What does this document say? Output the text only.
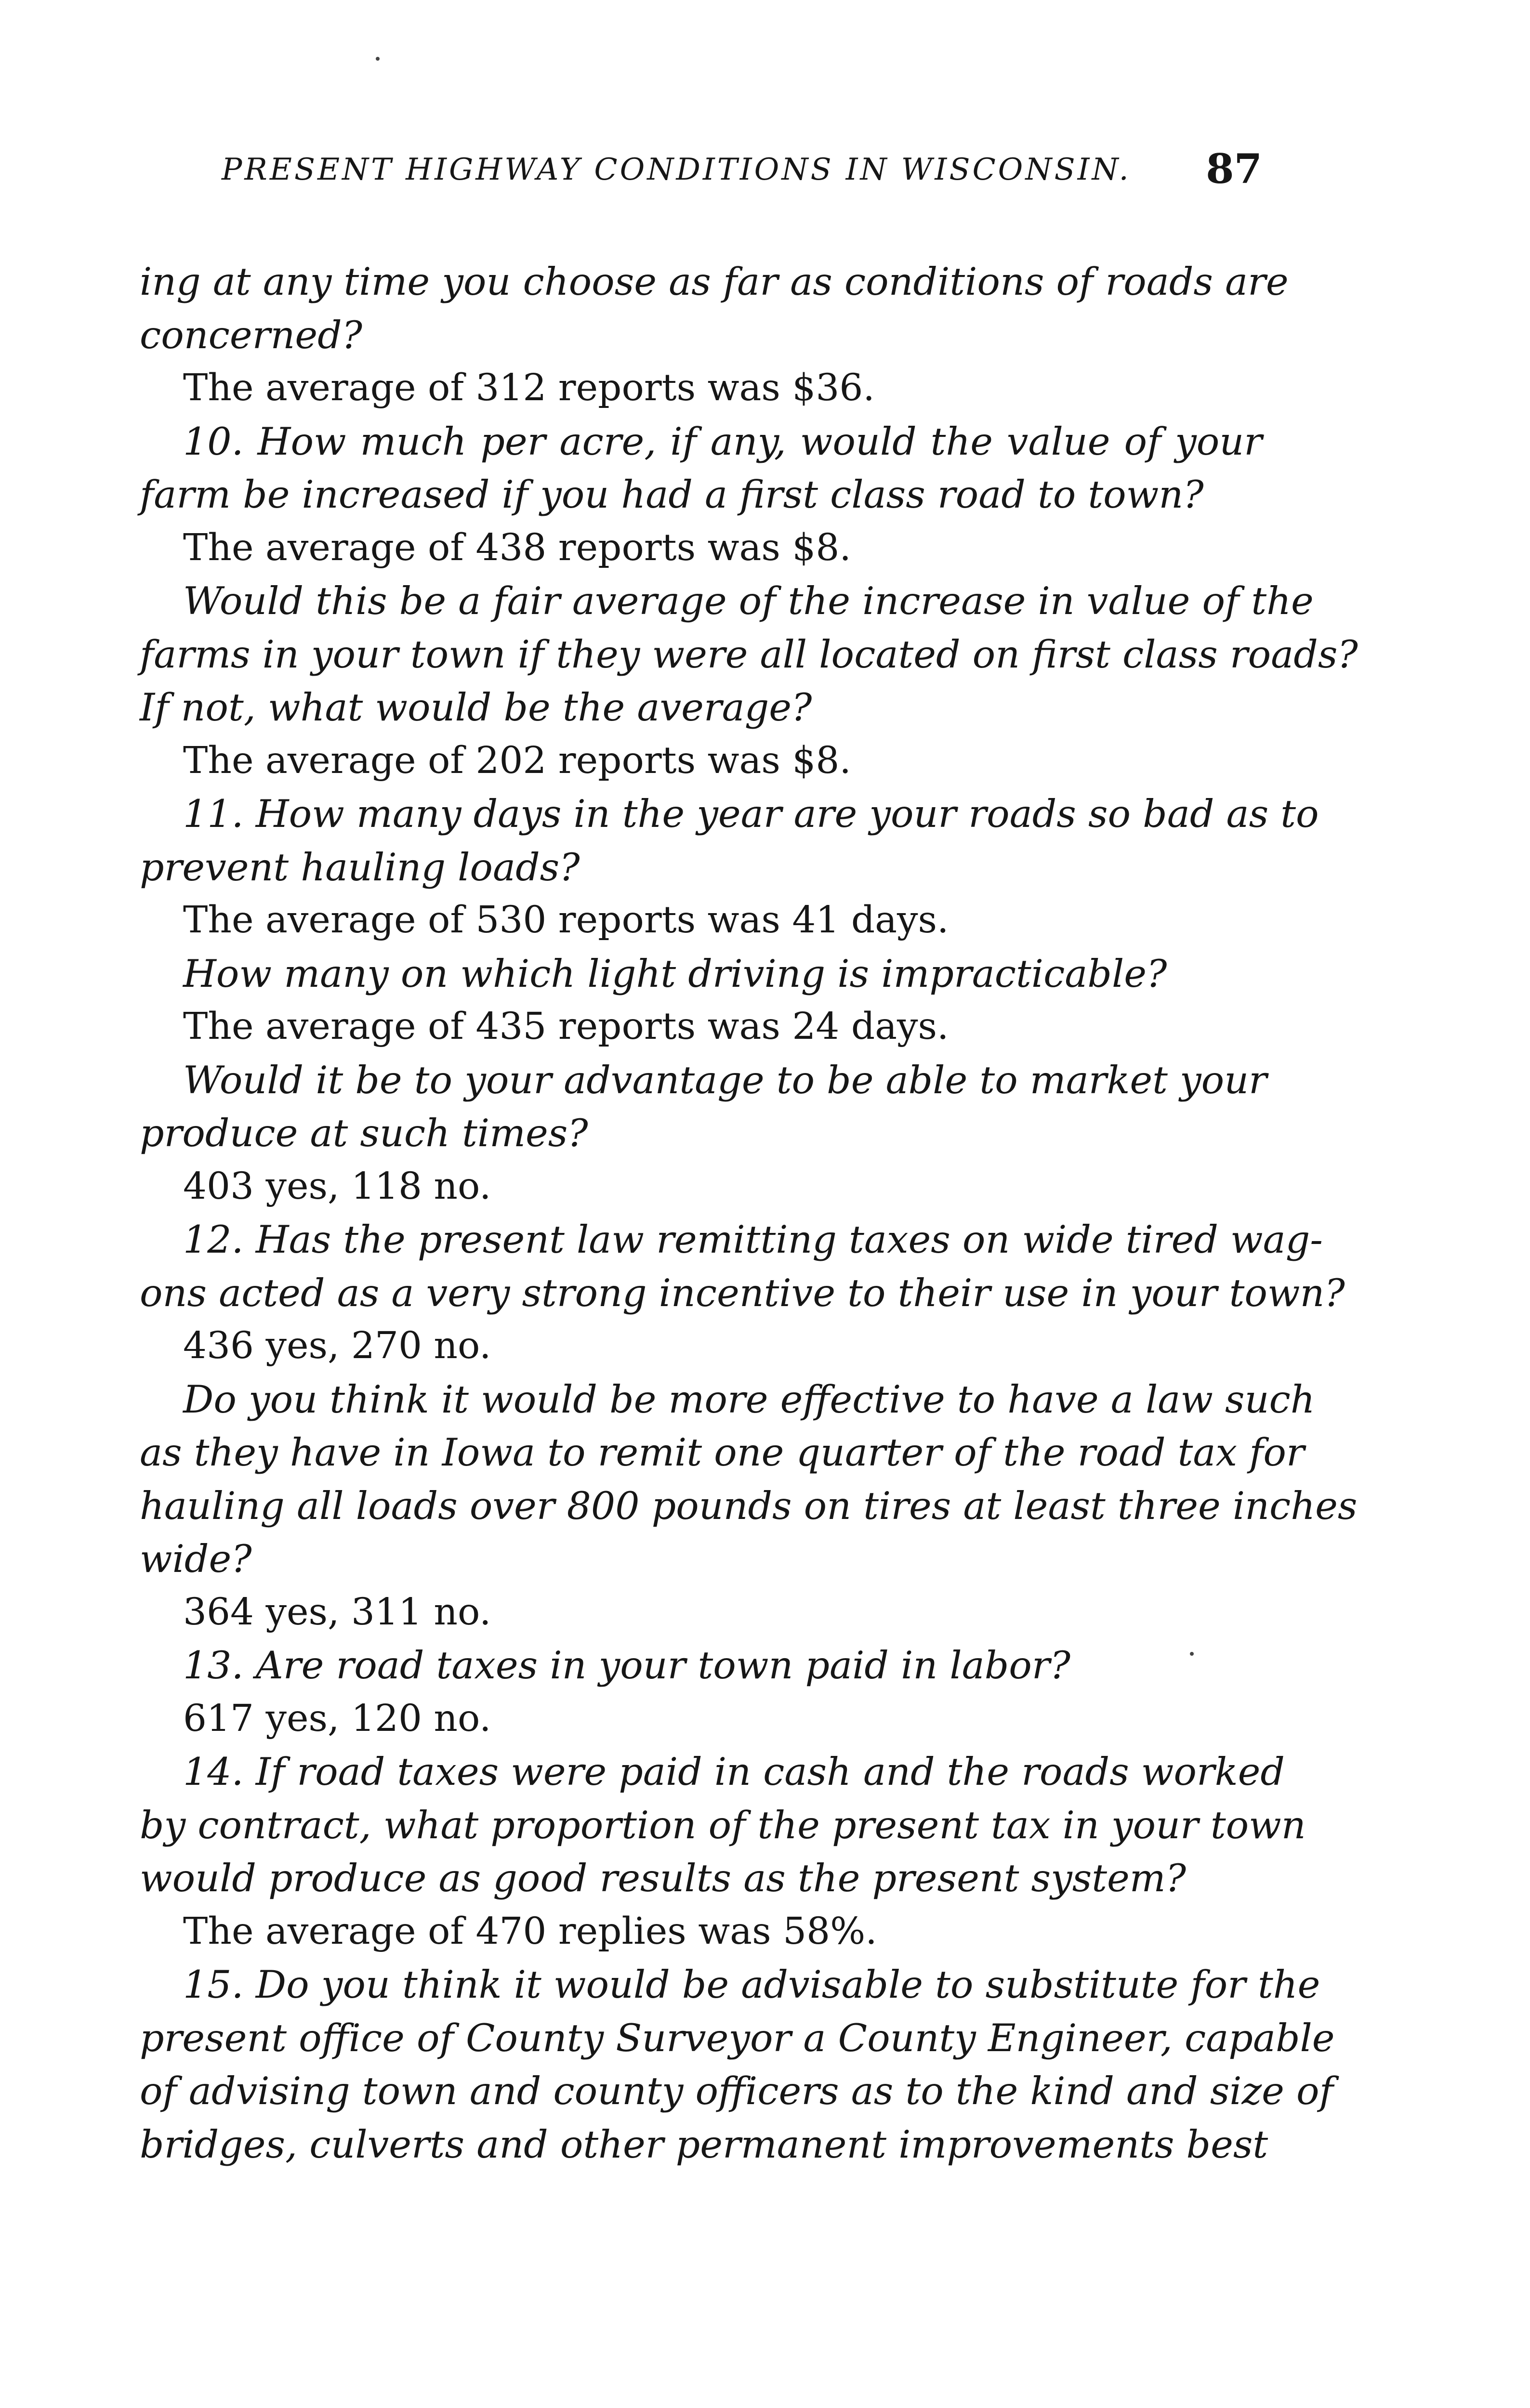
PRESENT HIGHWAY CONDITIONS IN WISCONSIN. 87
ing at any time you choose as far as conditions of roads are
concerned?
The average of 312 reports was $36.
10. How much per acre, if any, would the value of your
farm be increased if you had a first class road to town?
The average of 438 reports was $8.
Would this be a fair average of the increase in value of the
farms in your town if they were all located on first class roads?
If not, what would be the average?
The average of 202 reports was $8.
11. How many days in the year are your roads so bad as to
prevent hauling loads?
The average of 530 reports was 41 days.
How many on which light driving is impracticable?
The average of 435 reports was 24 days.
Would it be to your advantage to be able to market your
produce at such times?
403 yes, 118 no.
12. Has the present law remitting taxes on wide tired wag-
ons acted as a very strong incentive to their use in your town?
436 yes, 270 no.
Do you think it would be more effective to have a law such
as they have in Iowa to remit one quarter of the road tax for
hauling all loads over 800 pounds on tires at least three inches
wide?
364 yes, 311 no.
13. Are road taxes in your town paid in labor?
617 yes, 120 no.
14. If road taxes were paid in cash and the roads worked
by contract, what proportion of the present tax in your town
would produce as good results as the present system?
The average of 470 replies was 58%.
15. Do you think it would be advisable to substitute for the
present office of County Surveyor a County Engineer, capable
of advising town and county officers as to the kind and size of
bridges, culverts and other permanent improvements best
